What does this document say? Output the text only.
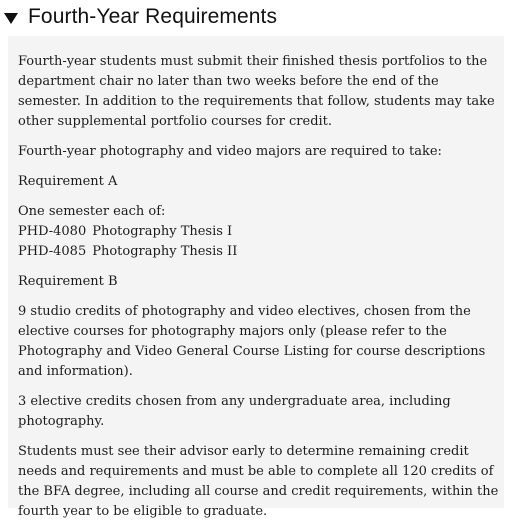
Fourth-Year Requirements

Fourth-year students must submit their finished thesis portfolios to the department chair no later than two weeks before the end of the semester. In addition to the requirements that follow, students may take other supplemental portfolio courses for credit.

Fourth-year photography and video majors are required to take:

Requirement A

One semester each of:
PHD-4080 Photography Thesis I
PHD-4085 Photography Thesis II

Requirement B

9 studio credits of photography and video electives, chosen from the elective courses for photography majors only (please refer to the Photography and Video General Course Listing for course descriptions and information).

3 elective credits chosen from any undergraduate area, including photography.

Students must see their advisor early to determine remaining credit needs and requirements and must be able to complete all 120 credits of the BFA degree, including all course and credit requirements, within the fourth year to be eligible to graduate.
